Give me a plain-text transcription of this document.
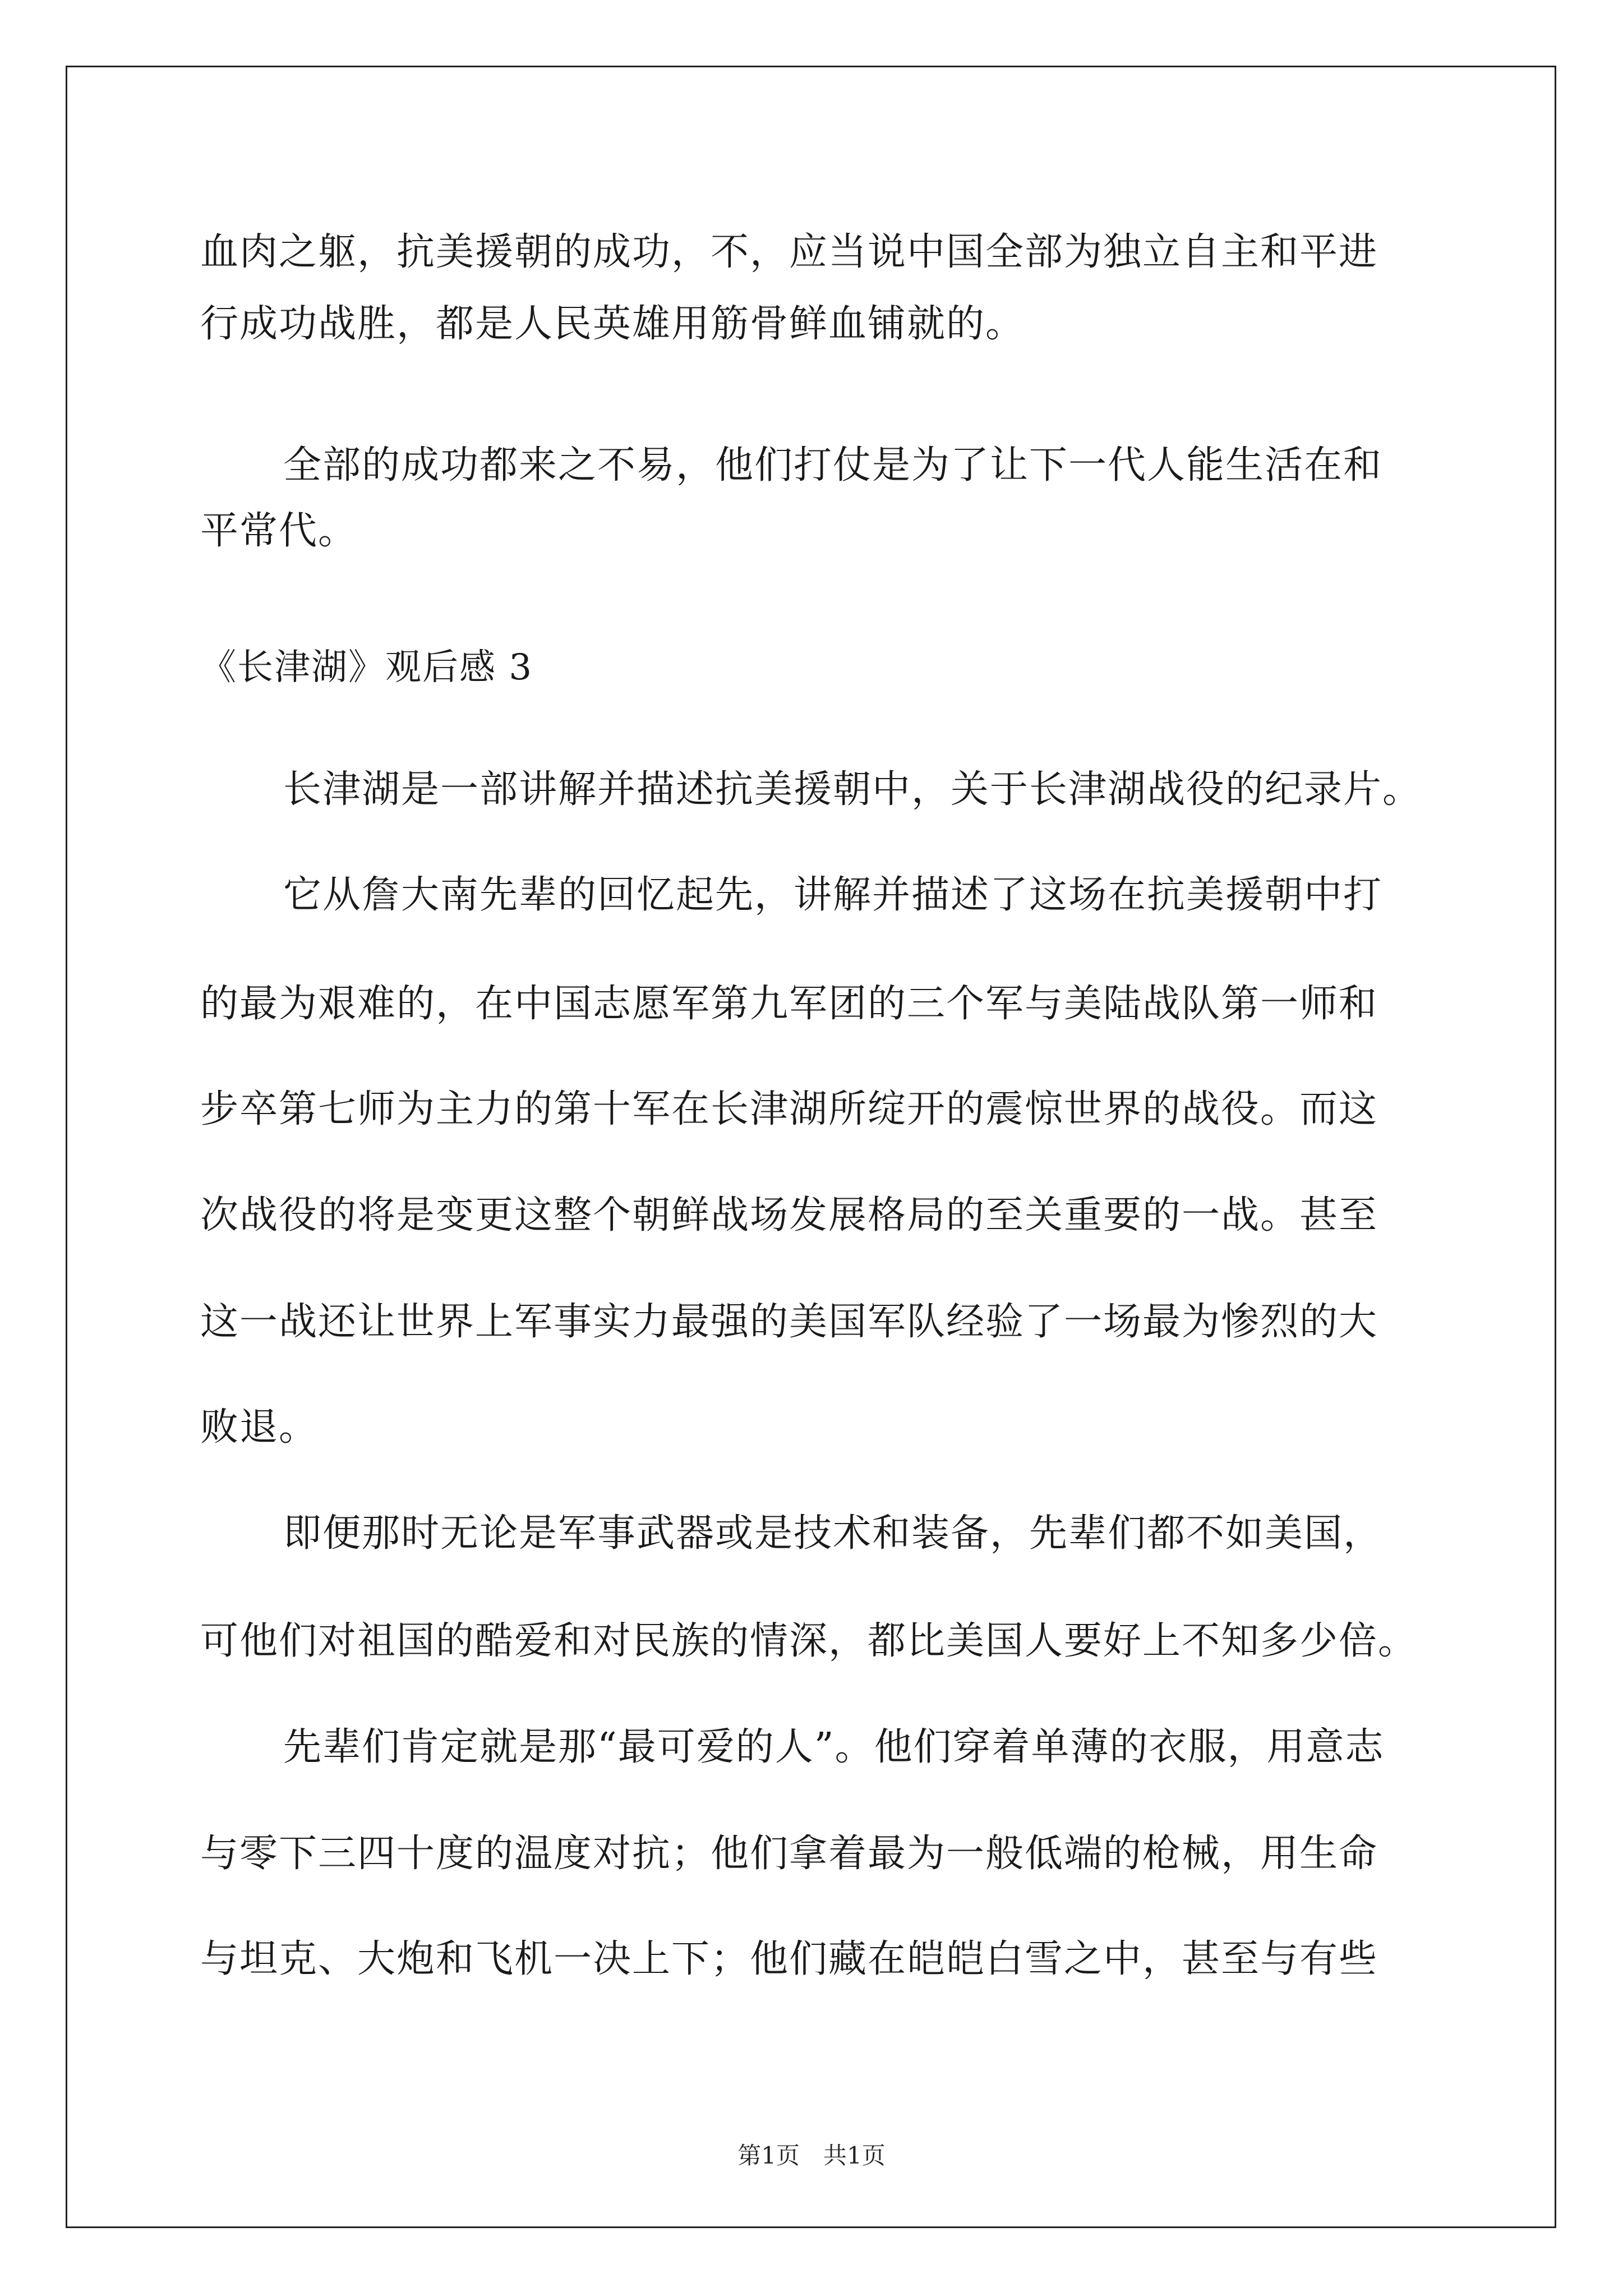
血肉之躯，抗美援朝的成功，不，应当说中国全部为独立自主和平进
行成功战胜，都是人民英雄用筋骨鲜血铺就的。
全部的成功都来之不易，他们打仗是为了让下一代人能生活在和
平常代。
《长津湖》观后感 3
长津湖是一部讲解并描述抗美援朝中，关于长津湖战役的纪录片。
它从詹大南先辈的回忆起先，讲解并描述了这场在抗美援朝中打
的最为艰难的，在中国志愿军第九军团的三个军与美陆战队第一师和
步卒第七师为主力的第十军在长津湖所绽开的震惊世界的战役。而这
次战役的将是变更这整个朝鲜战场发展格局的至关重要的一战。甚至
这一战还让世界上军事实力最强的美国军队经验了一场最为惨烈的大
败退。
即便那时无论是军事武器或是技术和装备，先辈们都不如美国，
可他们对祖国的酷爱和对民族的情深，都比美国人要好上不知多少倍。
先辈们肯定就是那“最可爱的人”。他们穿着单薄的衣服，用意志
与零下三四十度的温度对抗；他们拿着最为一般低端的枪械，用生命
与坦克、大炮和飞机一决上下；他们藏在皑皑白雪之中，甚至与有些
第1页　共1页
